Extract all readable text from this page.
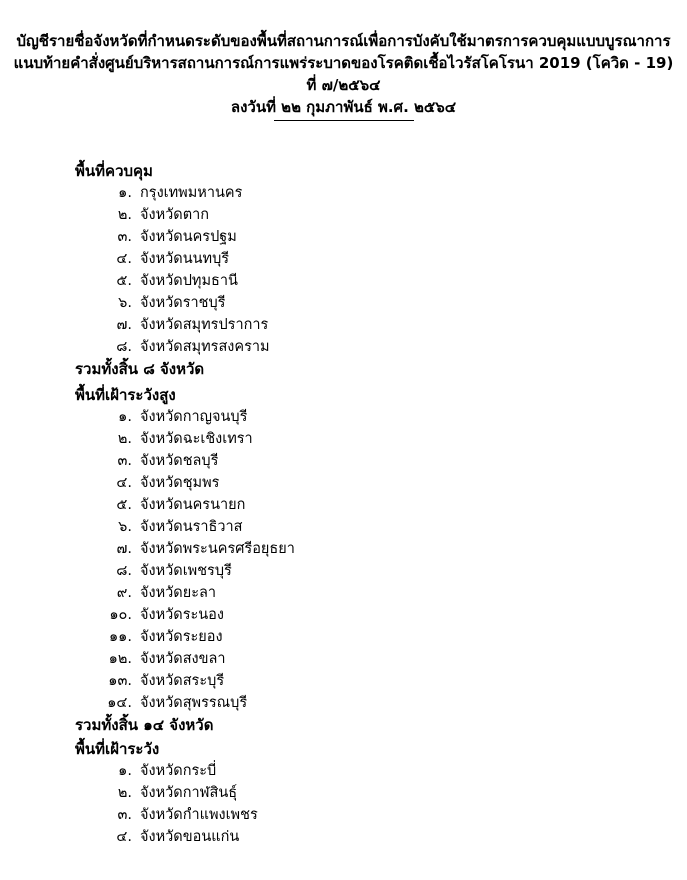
บัญชีรายชื่อจังหวัดที่กำหนดระดับของพื้นที่สถานการณ์เพื่อการบังคับใช้มาตรการควบคุมแบบบูรณาการ
แนบท้ายคำสั่งศูนย์บริหารสถานการณ์การแพร่ระบาดของโรคติดเชื้อไวรัสโคโรนา 2019 (โควิด - 19)
ที่ ๗/๒๕๖๔
ลงวันที่ ๒๒ กุมภาพันธ์ พ.ศ. ๒๕๖๔
พื้นที่ควบคุม
๑. กรุงเทพมหานคร
๒. จังหวัดตาก
๓. จังหวัดนครปฐม
๔. จังหวัดนนทบุรี
๕. จังหวัดปทุมธานี
๖. จังหวัดราชบุรี
๗. จังหวัดสมุทรปราการ
๘. จังหวัดสมุทรสงคราม
รวมทั้งสิ้น ๘ จังหวัด
พื้นที่เฝ้าระวังสูง
๑. จังหวัดกาญจนบุรี
๒. จังหวัดฉะเชิงเทรา
๓. จังหวัดชลบุรี
๔. จังหวัดชุมพร
๕. จังหวัดนครนายก
๖. จังหวัดนราธิวาส
๗. จังหวัดพระนครศรีอยุธยา
๘. จังหวัดเพชรบุรี
๙. จังหวัดยะลา
๑๐. จังหวัดระนอง
๑๑. จังหวัดระยอง
๑๒. จังหวัดสงขลา
๑๓. จังหวัดสระบุรี
๑๔. จังหวัดสุพรรณบุรี
รวมทั้งสิ้น ๑๔ จังหวัด
พื้นที่เฝ้าระวัง
๑. จังหวัดกระบี่
๒. จังหวัดกาฬสินธุ์
๓. จังหวัดกำแพงเพชร
๔. จังหวัดขอนแก่น
